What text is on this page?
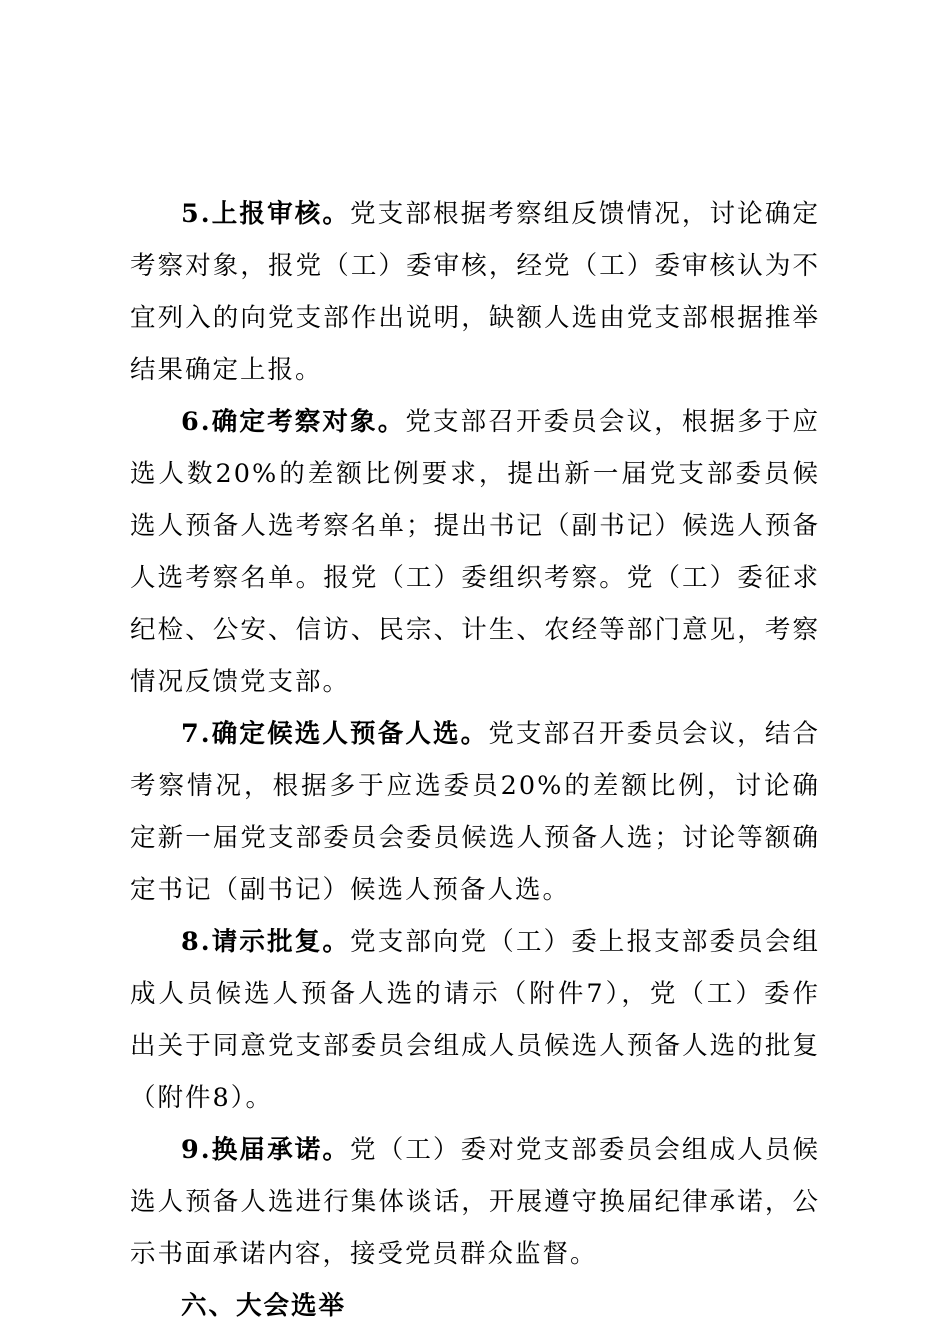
5.上报审核。党支部根据考察组反馈情况，讨论确定考察对象，报党（工）委审核，经党（工）委审核认为不宜列入的向党支部作出说明，缺额人选由党支部根据推举结果确定上报。

6.确定考察对象。党支部召开委员会议，根据多于应选人数20%的差额比例要求，提出新一届党支部委员候选人预备人选考察名单；提出书记（副书记）候选人预备人选考察名单。报党（工）委组织考察。党（工）委征求纪检、公安、信访、民宗、计生、农经等部门意见，考察情况反馈党支部。

7.确定候选人预备人选。党支部召开委员会议，结合考察情况，根据多于应选委员20%的差额比例，讨论确定新一届党支部委员会委员候选人预备人选；讨论等额确定书记（副书记）候选人预备人选。

8.请示批复。党支部向党（工）委上报支部委员会组成人员候选人预备人选的请示（附件7），党（工）委作出关于同意党支部委员会组成人员候选人预备人选的批复（附件8）。

9.换届承诺。党（工）委对党支部委员会组成人员候选人预备人选进行集体谈话，开展遵守换届纪律承诺，公示书面承诺内容，接受党员群众监督。

六、大会选举
